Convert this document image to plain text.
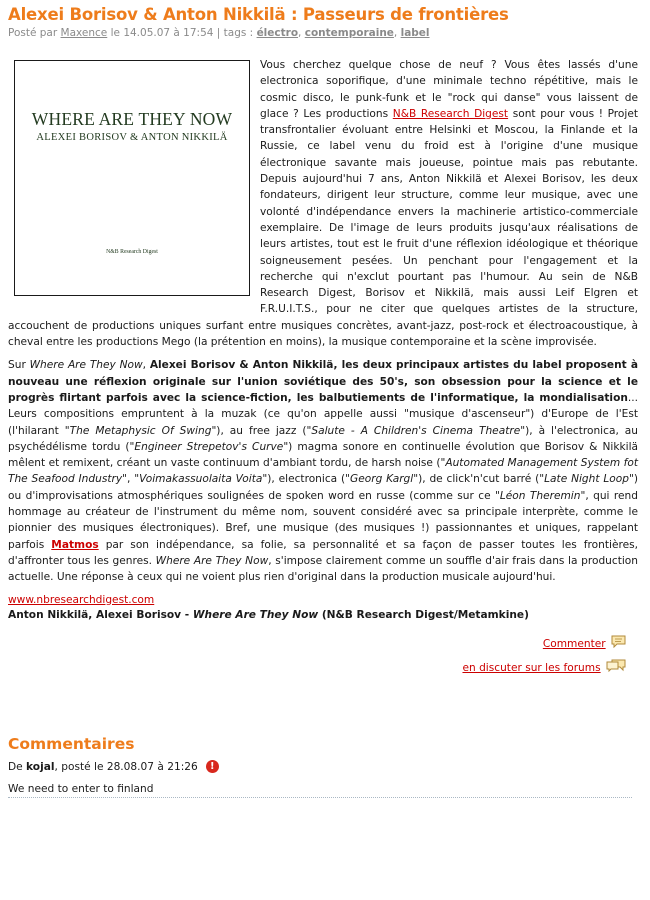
Alexei Borisov & Anton Nikkilä : Passeurs de frontières
Posté par Maxence le 14.05.07 à 17:54 | tags : électro, contemporaine, label
WHERE ARE THEY NOW
ALEXEI BORISOV & ANTON NIKKILÄ
N&B Research Digest

Vous cherchez quelque chose de neuf ? Vous êtes lassés d'une electronica soporifique, d'une minimale techno répétitive, mais le cosmic disco, le punk-funk et le "rock qui danse" vous laissent de glace ? Les productions N&B Research Digest sont pour vous ! Projet transfrontalier évoluant entre Helsinki et Moscou, la Finlande et la Russie, ce label venu du froid est à l'origine d'une musique électronique savante mais joueuse, pointue mais pas rebutante. Depuis aujourd'hui 7 ans, Anton Nikkilä et Alexei Borisov, les deux fondateurs, dirigent leur structure, comme leur musique, avec une volonté d'indépendance envers la machinerie artistico-commerciale exemplaire. De l'image de leurs produits jusqu'aux réalisations de leurs artistes, tout est le fruit d'une réflexion idéologique et théorique soigneusement pesées. Un penchant pour l'engagement et la recherche qui n'exclut pourtant pas l'humour. Au sein de N&B Research Digest, Borisov et Nikkilä, mais aussi Leif Elgren et F.R.U.I.T.S., pour ne citer que quelques artistes de la structure, accouchent de productions uniques surfant entre musiques concrètes, avant-jazz, post-rock et électroacoustique, à cheval entre les productions Mego (la prétention en moins), la musique contemporaine et la scène improvisée.

Sur Where Are They Now, Alexei Borisov & Anton Nikkilä, les deux principaux artistes du label proposent à nouveau une réflexion originale sur l'union soviétique des 50's, son obsession pour la science et le progrès flirtant parfois avec la science-fiction, les balbutiements de l'informatique, la mondialisation... Leurs compositions empruntent à la muzak (ce qu'on appelle aussi "musique d'ascenseur") d'Europe de l'Est (l'hilarant "The Metaphysic Of Swing"), au free jazz ("Salute - A Children's Cinema Theatre"), à l'electronica, au psychédélisme tordu ("Engineer Strepetov's Curve") magma sonore en continuelle évolution que Borisov & Nikkilä mêlent et remixent, créant un vaste continuum d'ambiant tordu, de harsh noise ("Automated Management System fot The Seafood Industry", "Voimakassuolaita Voita"), electronica ("Georg Kargl"), de click'n'cut barré ("Late Night Loop") ou d'improvisations atmosphériques soulignées de spoken word en russe (comme sur ce "Léon Theremin", qui rend hommage au créateur de l'instrument du même nom, souvent considéré avec sa principale interprète, comme le pionnier des musiques électroniques). Bref, une musique (des musiques !) passionnantes et uniques, rappelant parfois Matmos par son indépendance, sa folie, sa personnalité et sa façon de passer toutes les frontières, d'affronter tous les genres. Where Are They Now, s'impose clairement comme un souffle d'air frais dans la production actuelle. Une réponse à ceux qui ne voient plus rien d'original dans la production musicale aujourd'hui.

www.nbresearchdigest.com
Anton Nikkilä, Alexei Borisov - Where Are They Now (N&B Research Digest/Metamkine)
Commenter
en discuter sur les forums
Commentaires
De kojal, posté le 28.08.07 à 21:26 !
We need to enter to finland
